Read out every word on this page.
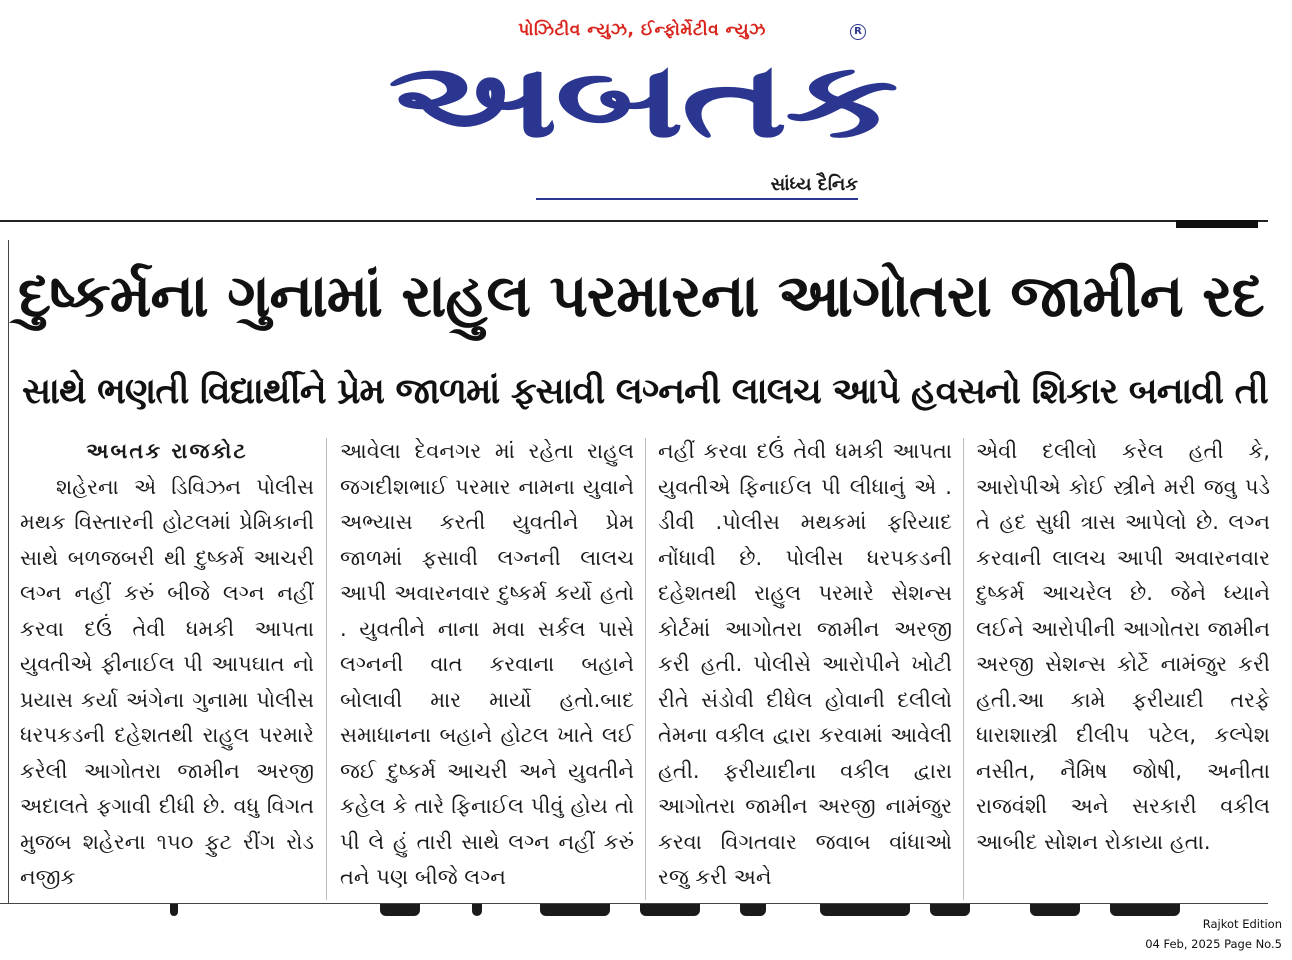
પોઝિટીવ ન્યુઝ, ઈન્ફોર્મેટીવ ન્યુઝ
અબતક
R
સાંધ્ય દૈનિક
દુષ્કર્મના ગુનામાં રાહુલ પરમારના આગોતરા જામીન રદ
સાથે ભણતી વિદ્યાર્થીને પ્રેમ જાળમાં ફસાવી લગ્નની લાલચ આપે હવસનો શિકાર બનાવી તી

અબતક રાજકોટ

શહેરના એ ડિવિઝન પોલીસ મથક વિસ્તારની હોટલમાં પ્રેમિકાની સાથે બળજબરી થી દુષ્કર્મ આચરી લગ્ન નહીં કરું બીજે લગ્ન નહીં કરવા દઉં તેવી ધમકી આપતા યુવતીએ ફીનાઈલ પી આપઘાત નો પ્રયાસ કર્યા અંગેના ગુનામા પોલીસ ધરપકડની દહેશતથી રાહુલ પરમારે કરેલી આગોતરા જામીન અરજી અદાલતે ફગાવી દીધી છે. વધુ વિગત મુજબ શહેરના ૧૫૦ ફુટ રીંગ રોડ નજીક

આવેલા દેવનગર માં રહેતા રાહુલ જગદીશભાઈ પરમાર નામના યુવાને અભ્યાસ કરતી યુવતીને પ્રેમ જાળમાં ફસાવી લગ્નની લાલચ આપી અવારનવાર દુષ્કર્મ કર્યો હતો . યુવતીને નાના મવા સર્કલ પાસે લગ્નની વાત કરવાના બહાને બોલાવી માર માર્યો હતો.બાદ સમાધાનના બહાને હોટલ ખાતે લઈ જઈ દુષ્કર્મ આચરી અને યુવતીને કહેલ કે તારે ફિનાઈલ પીવું હોય તો પી લે હું તારી સાથે લગ્ન નહીં કરું તને પણ બીજે લગ્ન

નહીં કરવા દઉં તેવી ધમકી આપતા યુવતીએ ફિનાઈલ પી લીધાનું એ . ડીવી .પોલીસ મથકમાં ફરિયાદ નોંધાવી છે. પોલીસ ધરપકડની દહેશતથી રાહુલ પરમારે સેશન્સ કોર્ટમાં આગોતરા જામીન અરજી કરી હતી. પોલીસે આરોપીને ખોટી રીતે સંડોવી દીધેલ હોવાની દલીલો તેમના વકીલ દ્વારા કરવામાં આવેલી હતી. ફરીયાદીના વકીલ દ્વારા આગોતરા જામીન અરજી નામંજુર કરવા વિગતવાર જવાબ વાંધાઓ રજુ કરી અને

એવી દલીલો કરેલ હતી કે, આરોપીએ કોઈ સ્ત્રીને મરી જવુ પડે તે હદ સુધી ત્રાસ આપેલો છે. લગ્ન કરવાની લાલચ આપી અવારનવાર દુષ્કર્મ આચરેલ છે. જેને ધ્યાને લઈને આરોપીની આગોતરા જામીન અરજી સેશન્સ કોર્ટે નામંજુર કરી હતી.આ કામે ફરીયાદી તરફે ધારાશાસ્ત્રી દીલીપ પટેલ, કલ્પેશ નસીત, નૈમિષ જોષી, અનીતા રાજવંશી અને સરકારી વકીલ આબીદ સોશન રોકાયા હતા.

Rajkot Edition
04 Feb, 2025 Page No.5
